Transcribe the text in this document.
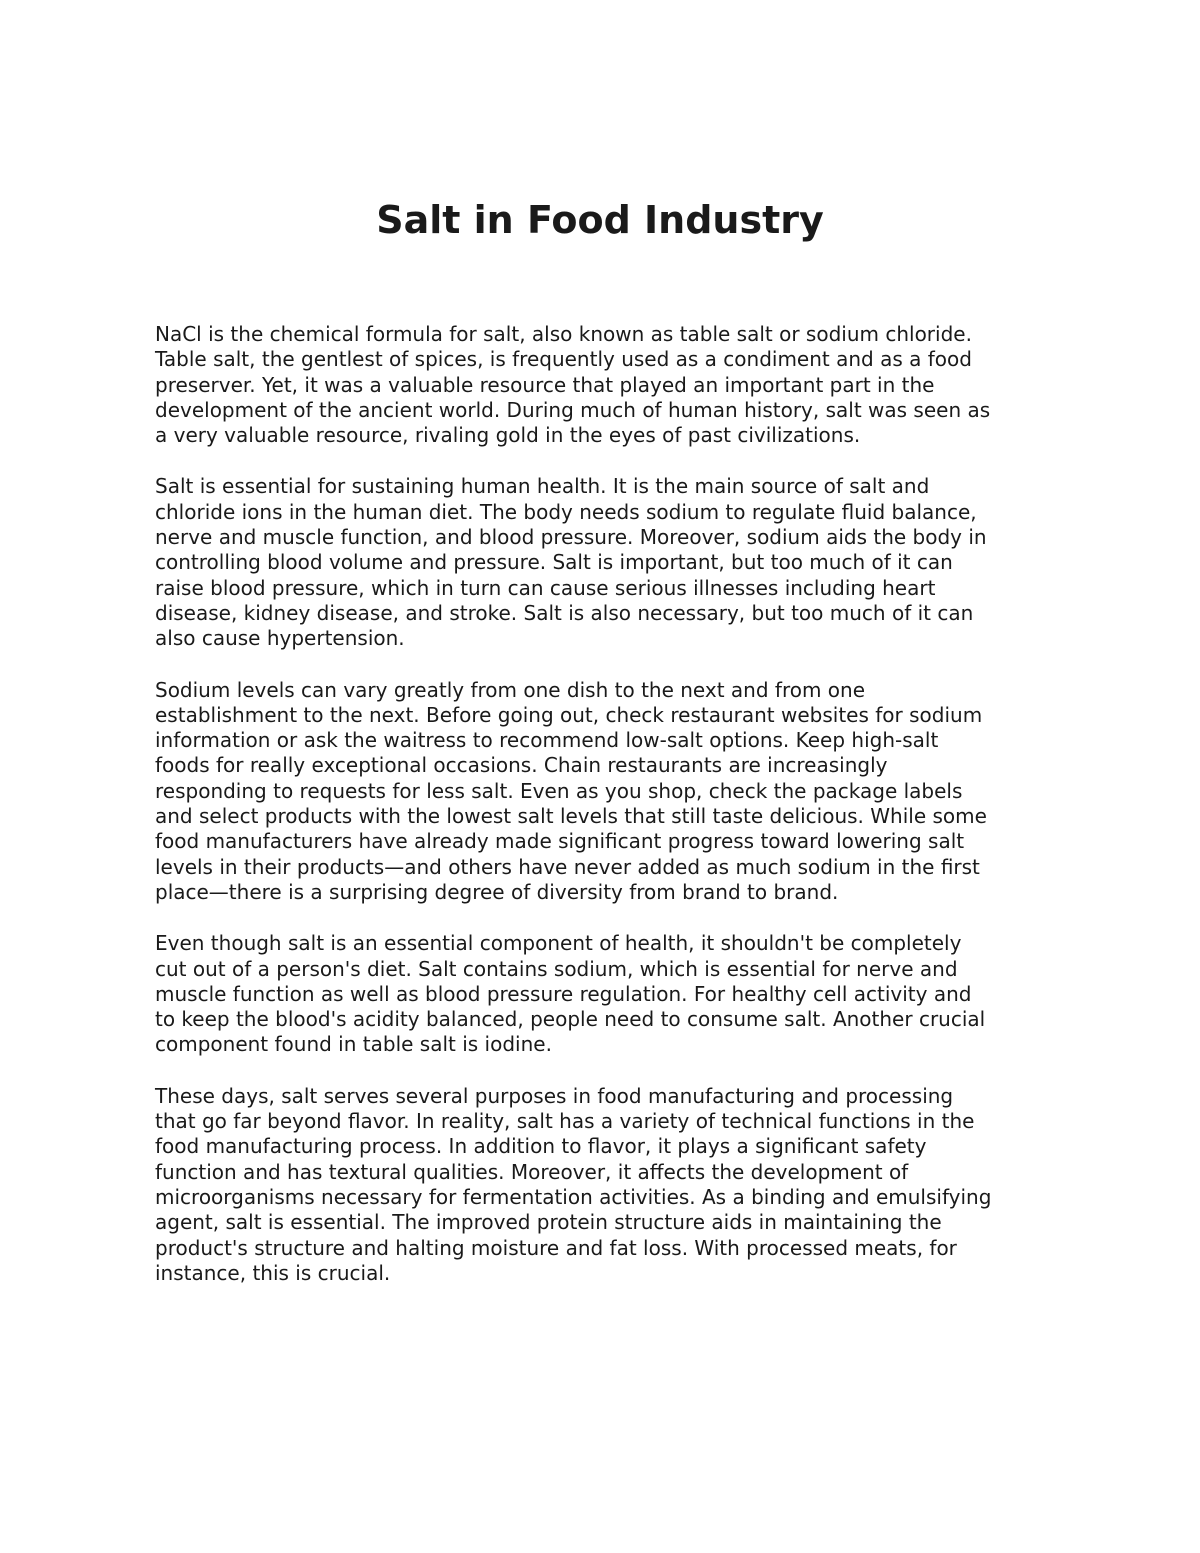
Salt in Food Industry

NaCl is the chemical formula for salt, also known as table salt or sodium chloride.
Table salt, the gentlest of spices, is frequently used as a condiment and as a food
preserver. Yet, it was a valuable resource that played an important part in the
development of the ancient world. During much of human history, salt was seen as
a very valuable resource, rivaling gold in the eyes of past civilizations.

Salt is essential for sustaining human health. It is the main source of salt and
chloride ions in the human diet. The body needs sodium to regulate fluid balance,
nerve and muscle function, and blood pressure. Moreover, sodium aids the body in
controlling blood volume and pressure. Salt is important, but too much of it can
raise blood pressure, which in turn can cause serious illnesses including heart
disease, kidney disease, and stroke. Salt is also necessary, but too much of it can
also cause hypertension.

Sodium levels can vary greatly from one dish to the next and from one
establishment to the next. Before going out, check restaurant websites for sodium
information or ask the waitress to recommend low-salt options. Keep high-salt
foods for really exceptional occasions. Chain restaurants are increasingly
responding to requests for less salt. Even as you shop, check the package labels
and select products with the lowest salt levels that still taste delicious. While some
food manufacturers have already made significant progress toward lowering salt
levels in their products—and others have never added as much sodium in the first
place—there is a surprising degree of diversity from brand to brand.

Even though salt is an essential component of health, it shouldn't be completely
cut out of a person's diet. Salt contains sodium, which is essential for nerve and
muscle function as well as blood pressure regulation. For healthy cell activity and
to keep the blood's acidity balanced, people need to consume salt. Another crucial
component found in table salt is iodine.

These days, salt serves several purposes in food manufacturing and processing
that go far beyond flavor. In reality, salt has a variety of technical functions in the
food manufacturing process. In addition to flavor, it plays a significant safety
function and has textural qualities. Moreover, it affects the development of
microorganisms necessary for fermentation activities. As a binding and emulsifying
agent, salt is essential. The improved protein structure aids in maintaining the
product's structure and halting moisture and fat loss. With processed meats, for
instance, this is crucial.
